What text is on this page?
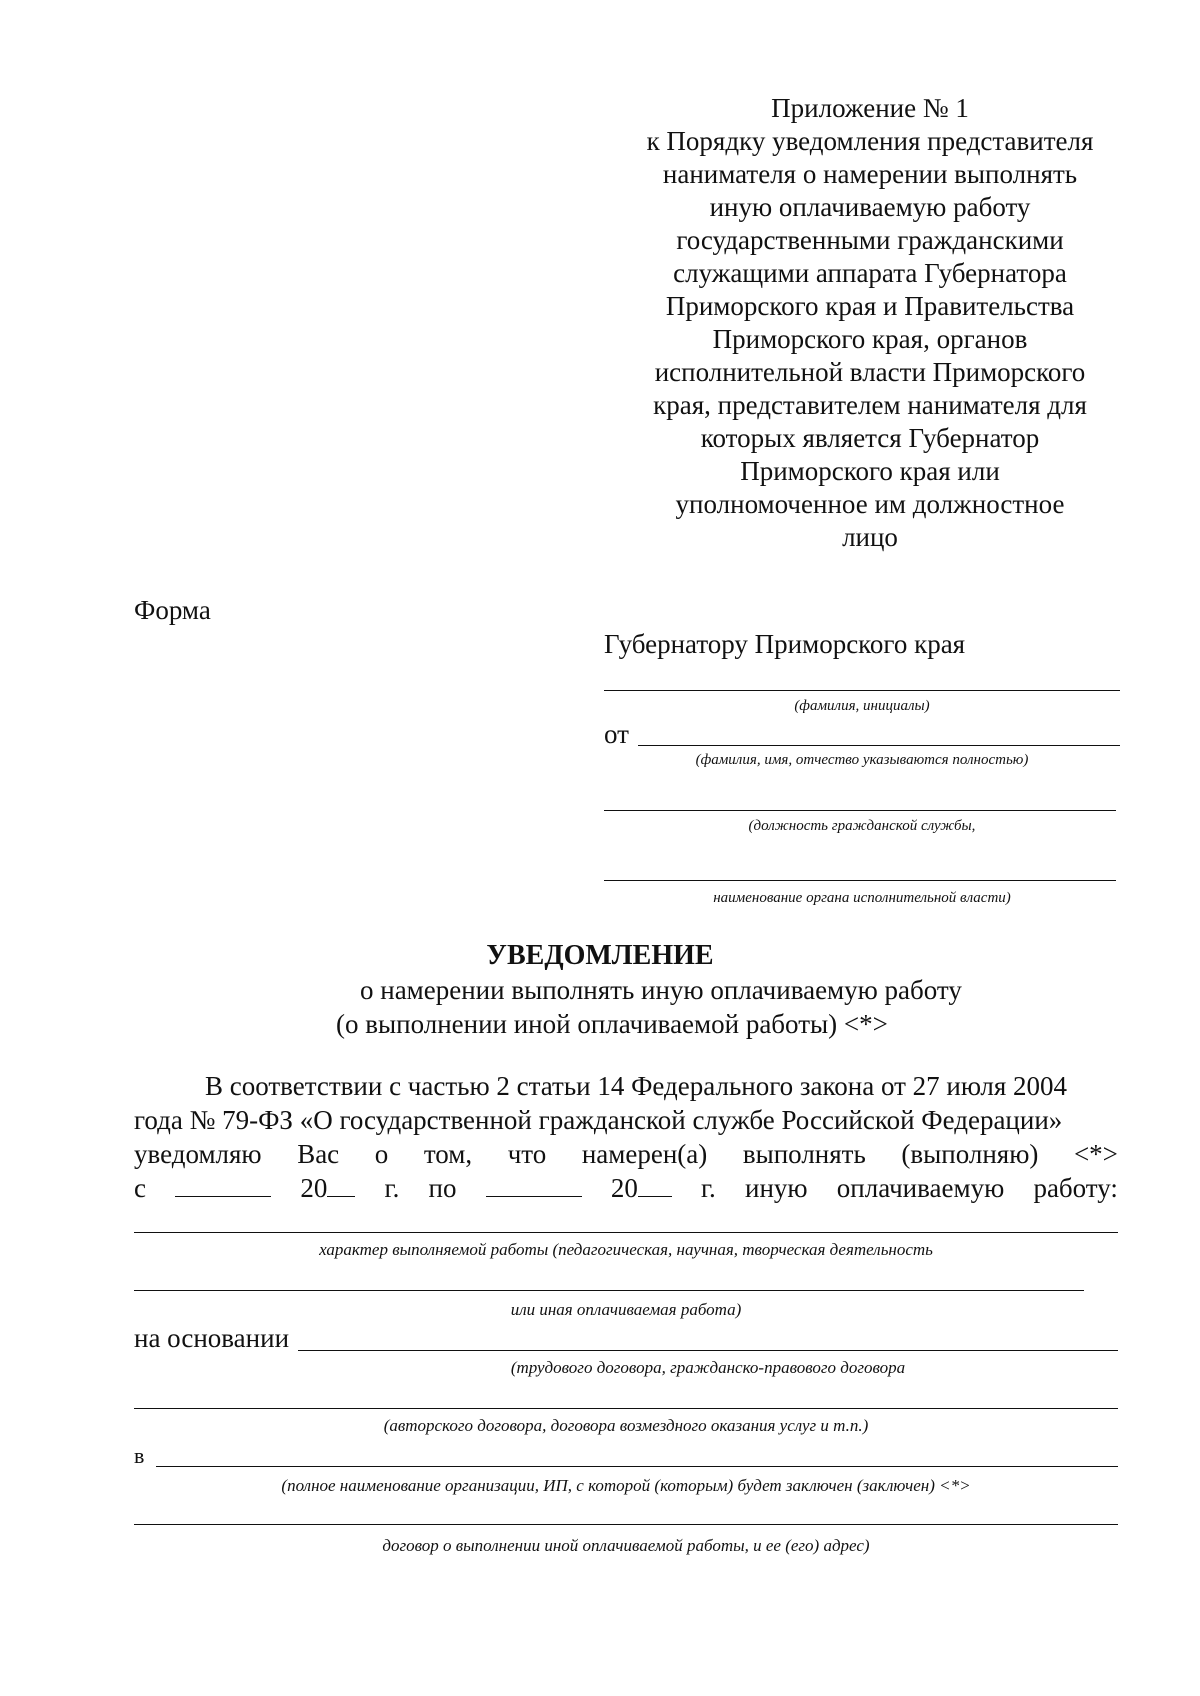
Приложение № 1
к Порядку уведомления представителя
нанимателя о намерении выполнять
иную оплачиваемую работу
государственными гражданскими
служащими аппарата Губернатора
Приморского края и Правительства
Приморского края, органов
исполнительной власти Приморского
края, представителем нанимателя для
которых является Губернатор
Приморского края или
уполномоченное им должностное
лицо
Форма
Губернатору Приморского края
(фамилия, инициалы)
от
(фамилия, имя, отчество указываются полностью)
(должность гражданской службы,
наименование органа исполнительной власти)
УВЕДОМЛЕНИЕ
о намерении выполнять иную оплачиваемую работу
(о выполнении иной оплачиваемой работы) <*>
В соответствии с частью 2 статьи 14 Федерального закона от 27 июля 2004
года № 79-ФЗ «О государственной гражданской службе Российской Федерации»
уведомляю Вас о том, что намерен(а) выполнять (выполняю) <*>
с	20	г. по	20	г. иную оплачиваемую работу:
характер выполняемой работы (педагогическая, научная, творческая деятельность
или иная оплачиваемая работа)
на основании
(трудового договора, гражданско-правового договора
(авторского договора, договора возмездного оказания услуг и т.п.)
в
(полное наименование организации, ИП, с которой (которым) будет заключен (заключен) <*>
договор о выполнении иной оплачиваемой работы, и ее (его) адрес)
